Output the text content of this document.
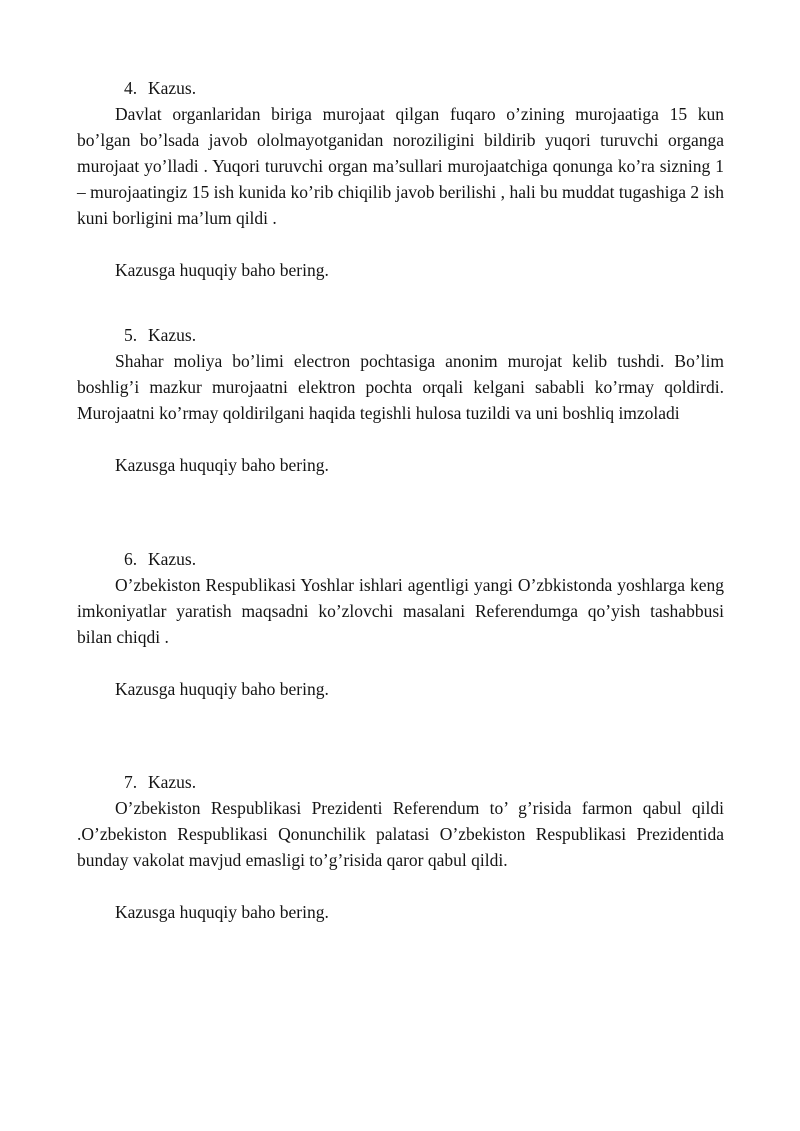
4. Kazus.

Davlat organlaridan biriga murojaat qilgan fuqaro o’zining murojaatiga 15 kun bo’lgan bo’lsada javob ololmayotganidan noroziligini bildirib yuqori turuvchi organga murojaat yo’lladi . Yuqori turuvchi organ ma’sullari murojaatchiga qonunga ko’ra sizning 1 – murojaatingiz 15 ish kunida ko’rib chiqilib javob berilishi , hali bu muddat tugashiga 2 ish kuni borligini ma’lum qildi .

Kazusga huquqiy baho bering.

5. Kazus.

Shahar moliya bo’limi electron pochtasiga anonim murojat kelib tushdi. Bo’lim boshlig’i mazkur murojaatni elektron pochta orqali kelgani sababli ko’rmay qoldirdi. Murojaatni ko’rmay qoldirilgani haqida tegishli hulosa tuzildi va uni boshliq imzoladi

Kazusga huquqiy baho bering.

6. Kazus.

O’zbekiston Respublikasi Yoshlar ishlari agentligi yangi O’zbkistonda yoshlarga keng imkoniyatlar yaratish maqsadni ko’zlovchi masalani Referendumga qo’yish tashabbusi bilan chiqdi .

Kazusga huquqiy baho bering.

7. Kazus.

O’zbekiston Respublikasi Prezidenti Referendum to’ g’risida farmon qabul qildi .O’zbekiston Respublikasi Qonunchilik palatasi O’zbekiston Respublikasi Prezidentida bunday vakolat mavjud emasligi to’g’risida qaror qabul qildi.

Kazusga huquqiy baho bering.
